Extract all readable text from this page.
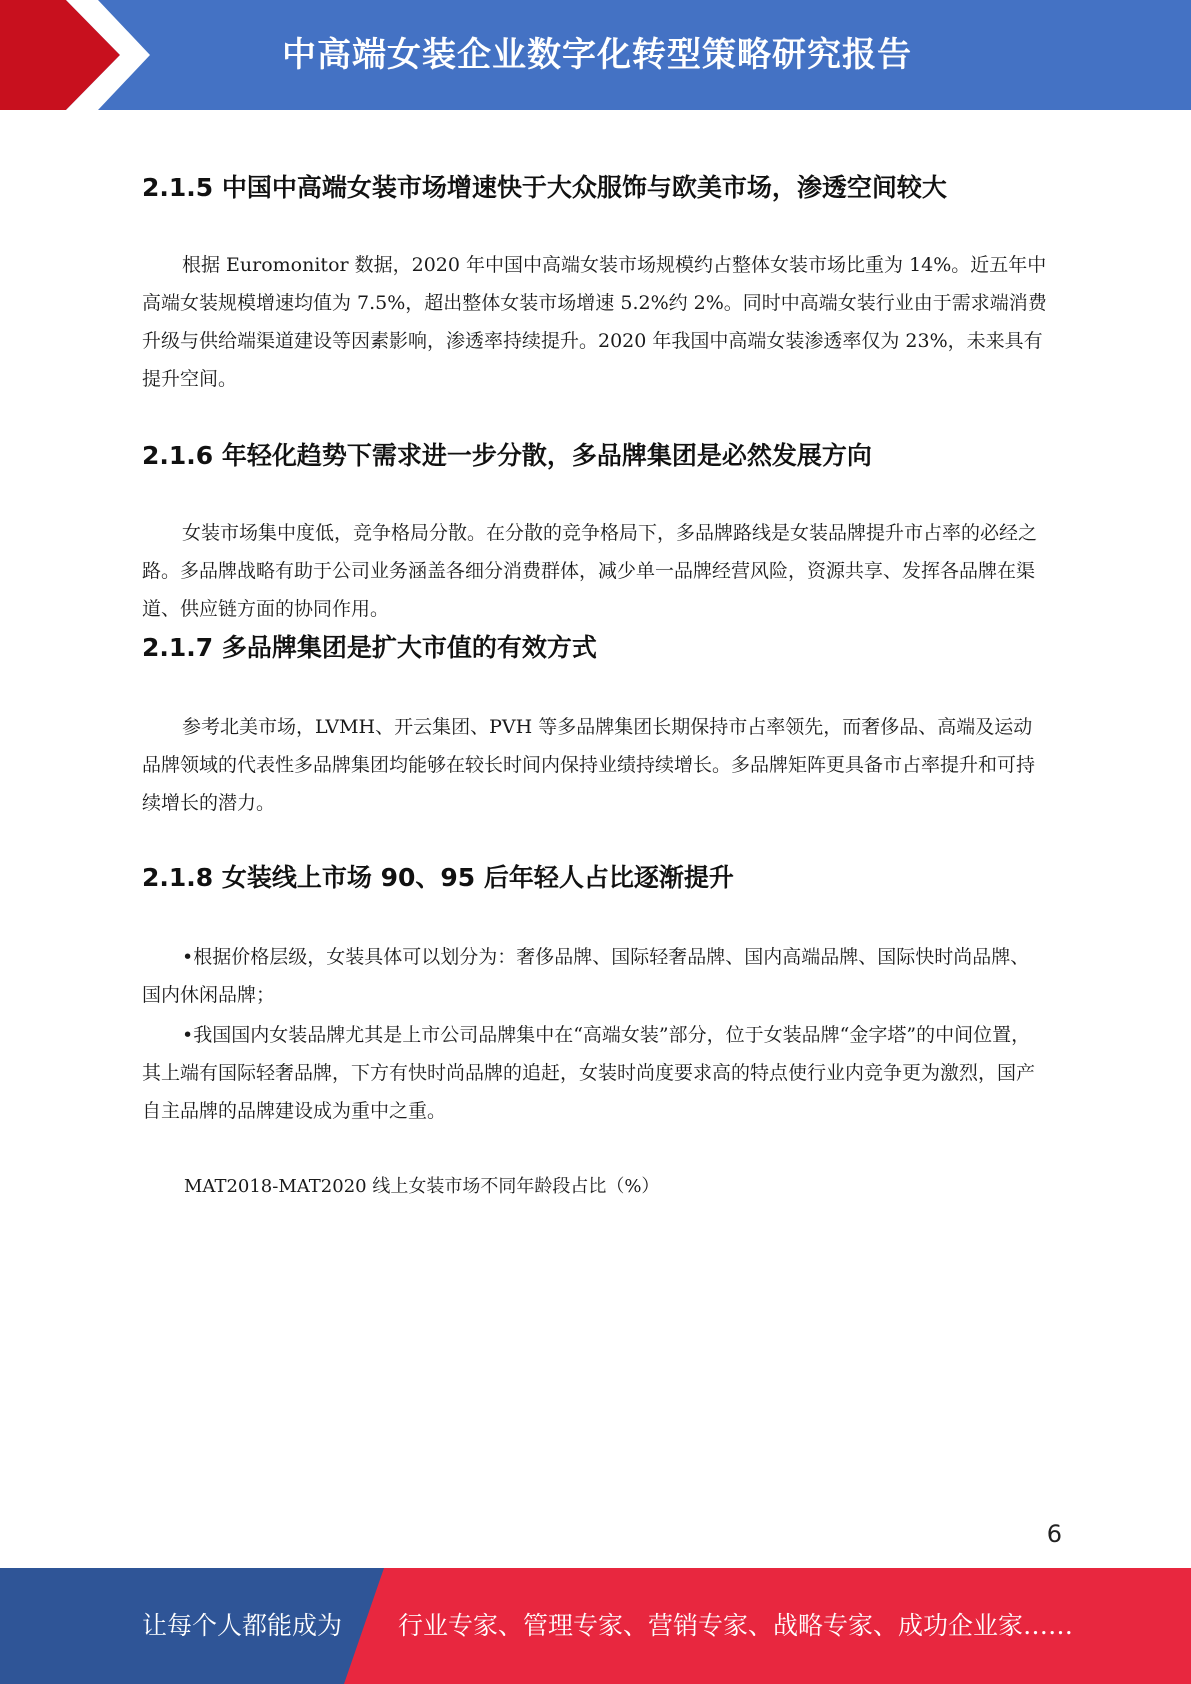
中高端女装企业数字化转型策略研究报告
2.1.5 中国中高端女装市场增速快于大众服饰与欧美市场，渗透空间较大

根据 Euromonitor 数据，2020 年中国中高端女装市场规模约占整体女装市场比重为 14%。近五年中高端女装规模增速均值为 7.5%，超出整体女装市场增速 5.2%约 2%。同时中高端女装行业由于需求端消费升级与供给端渠道建设等因素影响，渗透率持续提升。2020 年我国中高端女装渗透率仅为 23%，未来具有提升空间。

2.1.6 年轻化趋势下需求进一步分散，多品牌集团是必然发展方向

女装市场集中度低，竞争格局分散。在分散的竞争格局下，多品牌路线是女装品牌提升市占率的必经之路。多品牌战略有助于公司业务涵盖各细分消费群体，减少单一品牌经营风险，资源共享、发挥各品牌在渠道、供应链方面的协同作用。

2.1.7 多品牌集团是扩大市值的有效方式

参考北美市场，LVMH、开云集团、PVH 等多品牌集团长期保持市占率领先，而奢侈品、高端及运动品牌领域的代表性多品牌集团均能够在较长时间内保持业绩持续增长。多品牌矩阵更具备市占率提升和可持续增长的潜力。

2.1.8 女装线上市场 90、95 后年轻人占比逐渐提升

•根据价格层级，女装具体可以划分为：奢侈品牌、国际轻奢品牌、国内高端品牌、国际快时尚品牌、国内休闲品牌；

•我国国内女装品牌尤其是上市公司品牌集中在“高端女装”部分，位于女装品牌“金字塔”的中间位置，其上端有国际轻奢品牌，下方有快时尚品牌的追赶，女装时尚度要求高的特点使行业内竞争更为激烈，国产自主品牌的品牌建设成为重中之重。

MAT2018-MAT2020 线上女装市场不同年龄段占比（%）

6
让每个人都能成为 行业专家、管理专家、营销专家、战略专家、成功企业家……
